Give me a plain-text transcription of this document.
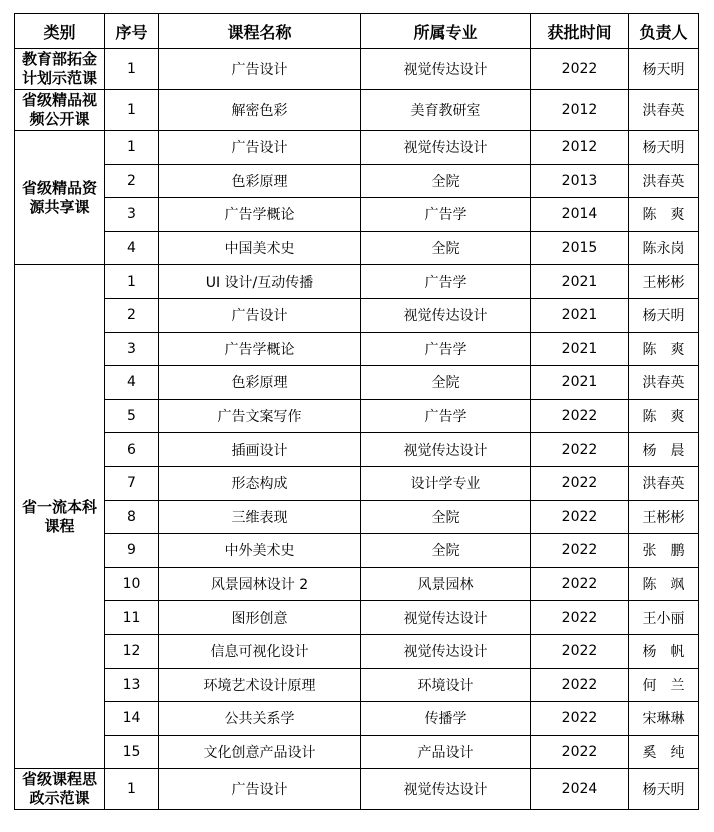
类别	序号	课程名称	所属专业	获批时间	负责人
教育部拓金计划示范课	1	广告设计	视觉传达设计	2022	杨天明
省级精品视频公开课	1	解密色彩	美育教研室	2012	洪春英
省级精品资源共享课	1	广告设计	视觉传达设计	2012	杨天明
	2	色彩原理	全院	2013	洪春英
	3	广告学概论	广告学	2014	陈　爽
	4	中国美术史	全院	2015	陈永岗
省一流本科课程	1	UI 设计/互动传播	广告学	2021	王彬彬
	2	广告设计	视觉传达设计	2021	杨天明
	3	广告学概论	广告学	2021	陈　爽
	4	色彩原理	全院	2021	洪春英
	5	广告文案写作	广告学	2022	陈　爽
	6	插画设计	视觉传达设计	2022	杨　晨
	7	形态构成	设计学专业	2022	洪春英
	8	三维表现	全院	2022	王彬彬
	9	中外美术史	全院	2022	张　鹏
	10	风景园林设计 2	风景园林	2022	陈　飒
	11	图形创意	视觉传达设计	2022	王小丽
	12	信息可视化设计	视觉传达设计	2022	杨　帆
	13	环境艺术设计原理	环境设计	2022	何　兰
	14	公共关系学	传播学	2022	宋琳琳
	15	文化创意产品设计	产品设计	2022	奚　纯
省级课程思政示范课	1	广告设计	视觉传达设计	2024	杨天明
